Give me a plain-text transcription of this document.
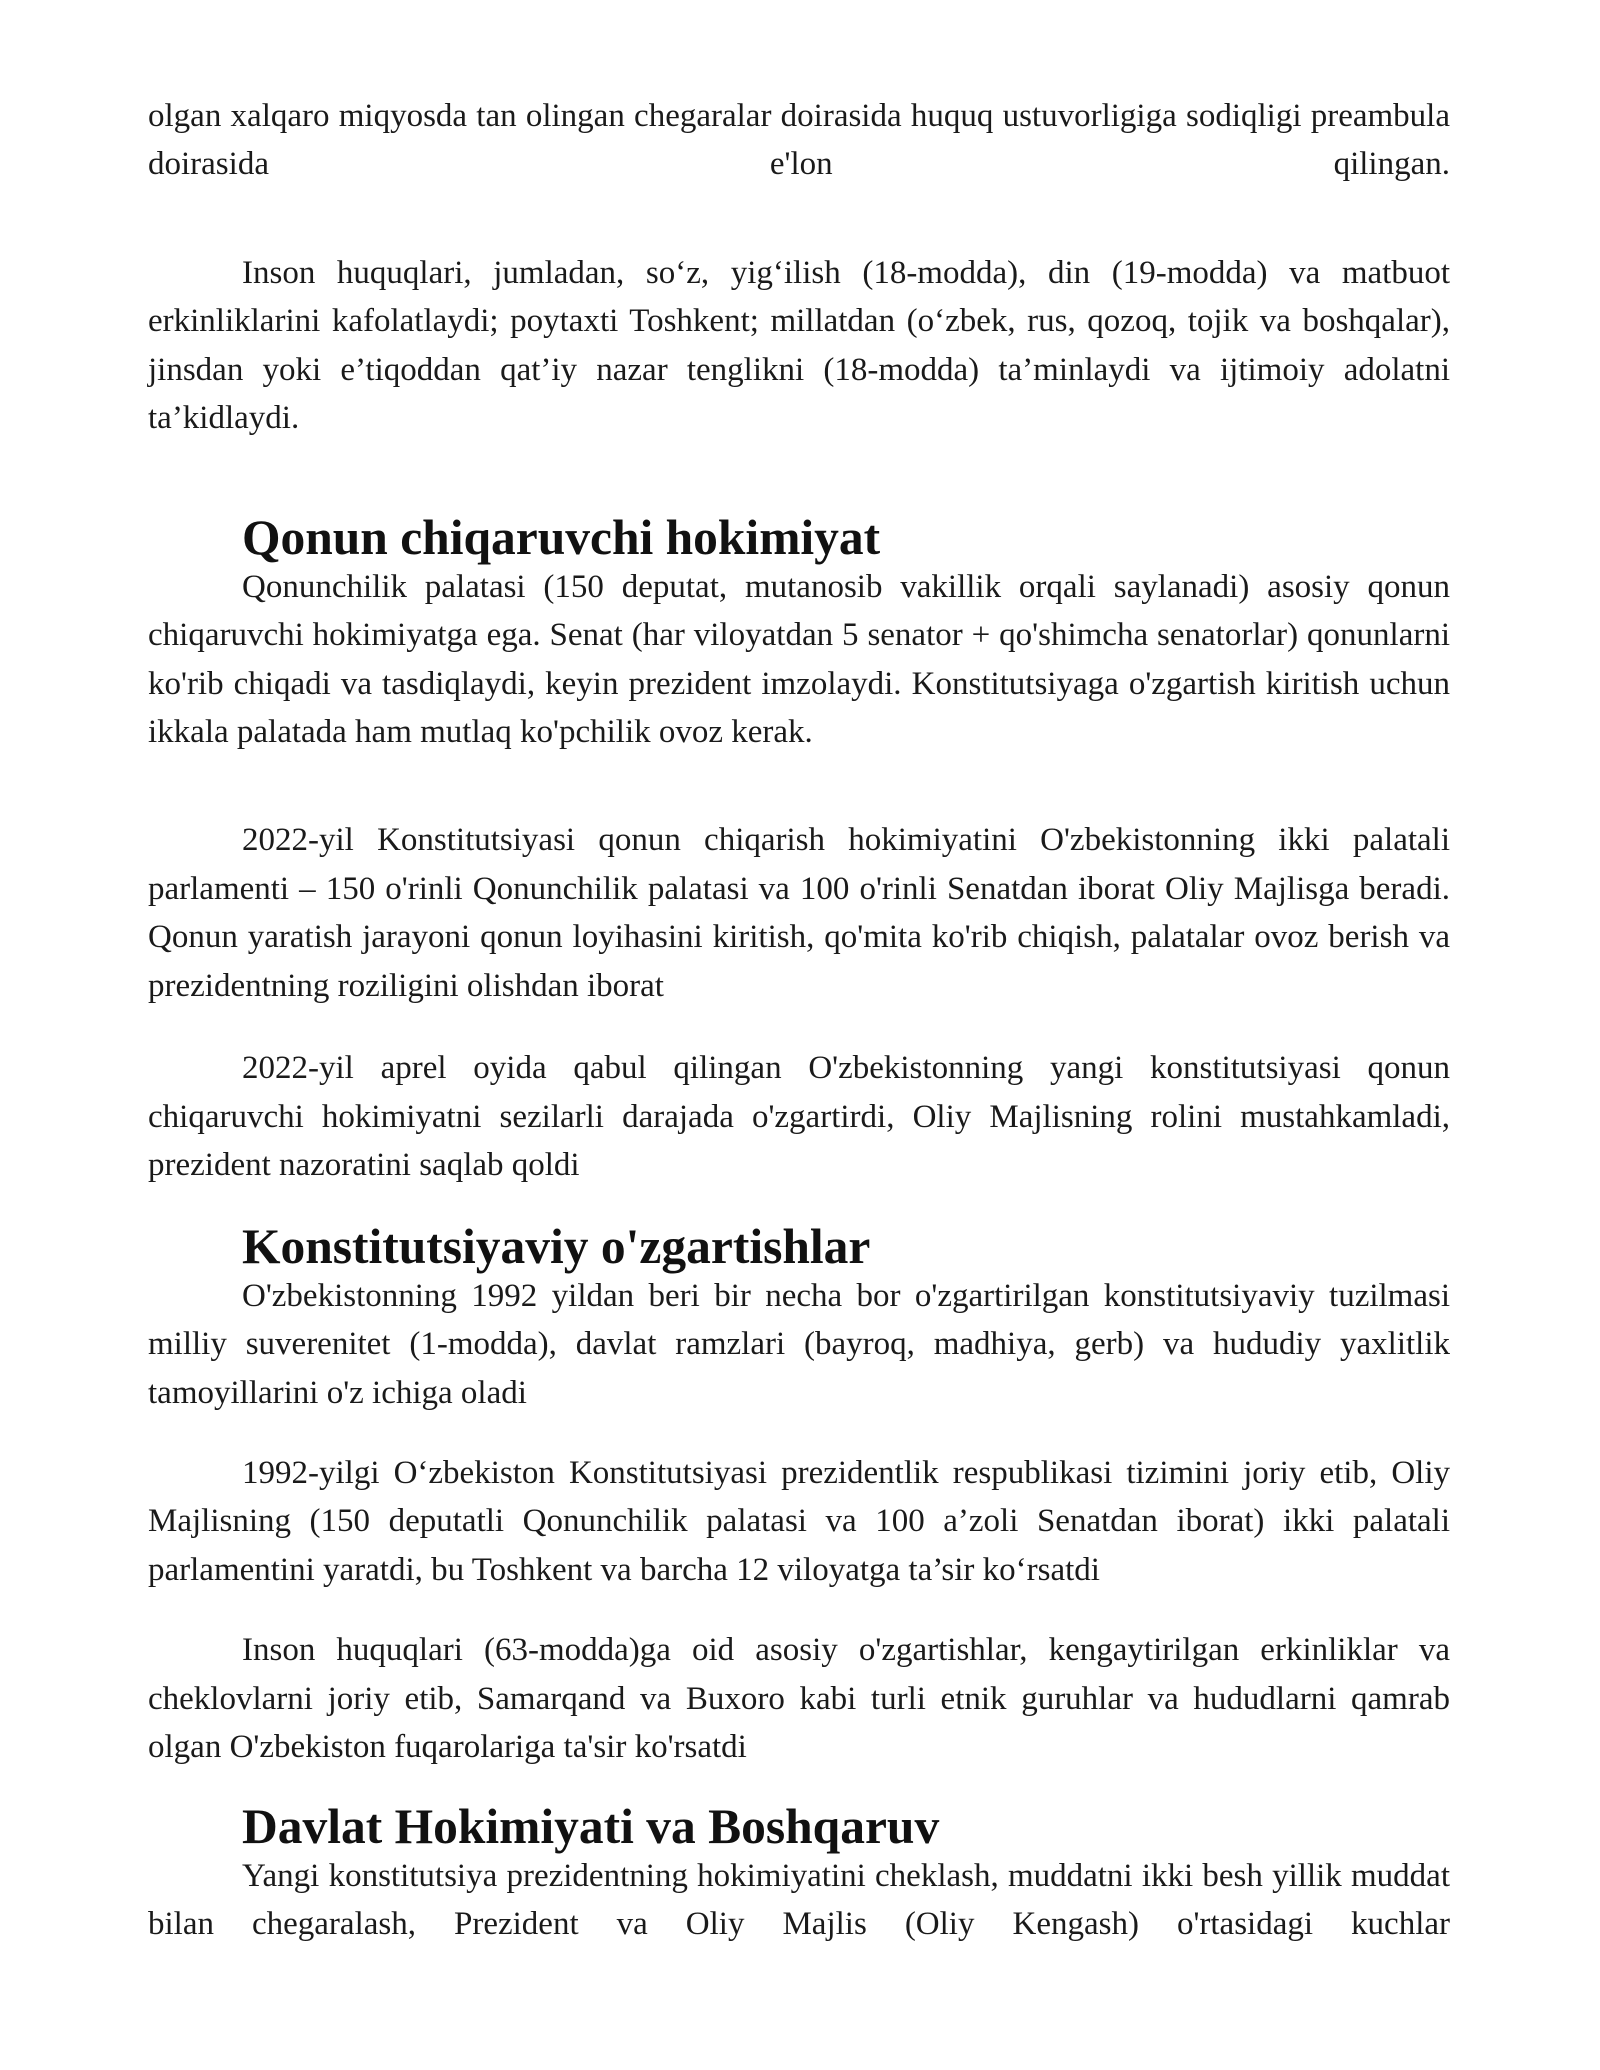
olgan xalqaro miqyosda tan olingan chegaralar doirasida huquq ustuvorligiga sodiqligi preambula doirasida e'lon qilingan.

Inson huquqlari, jumladan, so‘z, yig‘ilish (18-modda), din (19-modda) va matbuot erkinliklarini kafolatlaydi; poytaxti Toshkent; millatdan (o‘zbek, rus, qozoq, tojik va boshqalar), jinsdan yoki e’tiqoddan qat’iy nazar tenglikni (18-modda) ta’minlaydi va ijtimoiy adolatni ta’kidlaydi.

Qonun chiqaruvchi hokimiyat

Qonunchilik palatasi (150 deputat, mutanosib vakillik orqali saylanadi) asosiy qonun chiqaruvchi hokimiyatga ega. Senat (har viloyatdan 5 senator + qo'shimcha senatorlar) qonunlarni ko'rib chiqadi va tasdiqlaydi, keyin prezident imzolaydi. Konstitutsiyaga o'zgartish kiritish uchun ikkala palatada ham mutlaq ko'pchilik ovoz kerak.

2022-yil Konstitutsiyasi qonun chiqarish hokimiyatini O'zbekistonning ikki palatali parlamenti – 150 o'rinli Qonunchilik palatasi va 100 o'rinli Senatdan iborat Oliy Majlisga beradi. Qonun yaratish jarayoni qonun loyihasini kiritish, qo'mita ko'rib chiqish, palatalar ovoz berish va prezidentning roziligini olishdan iborat

2022-yil aprel oyida qabul qilingan O'zbekistonning yangi konstitutsiyasi qonun chiqaruvchi hokimiyatni sezilarli darajada o'zgartirdi, Oliy Majlisning rolini mustahkamladi, prezident nazoratini saqlab qoldi

Konstitutsiyaviy o'zgartishlar

O'zbekistonning 1992 yildan beri bir necha bor o'zgartirilgan konstitutsiyaviy tuzilmasi milliy suverenitet (1-modda), davlat ramzlari (bayroq, madhiya, gerb) va hududiy yaxlitlik tamoyillarini o'z ichiga oladi

1992-yilgi O‘zbekiston Konstitutsiyasi prezidentlik respublikasi tizimini joriy etib, Oliy Majlisning (150 deputatli Qonunchilik palatasi va 100 a’zoli Senatdan iborat) ikki palatali parlamentini yaratdi, bu Toshkent va barcha 12 viloyatga ta’sir ko‘rsatdi

Inson huquqlari (63-modda)ga oid asosiy o'zgartishlar, kengaytirilgan erkinliklar va cheklovlarni joriy etib, Samarqand va Buxoro kabi turli etnik guruhlar va hududlarni qamrab olgan O'zbekiston fuqarolariga ta'sir ko'rsatdi

Davlat Hokimiyati va Boshqaruv

Yangi konstitutsiya prezidentning hokimiyatini cheklash, muddatni ikki besh yillik muddat bilan chegaralash, Prezident va Oliy Majlis (Oliy Kengash) o'rtasidagi kuchlar
